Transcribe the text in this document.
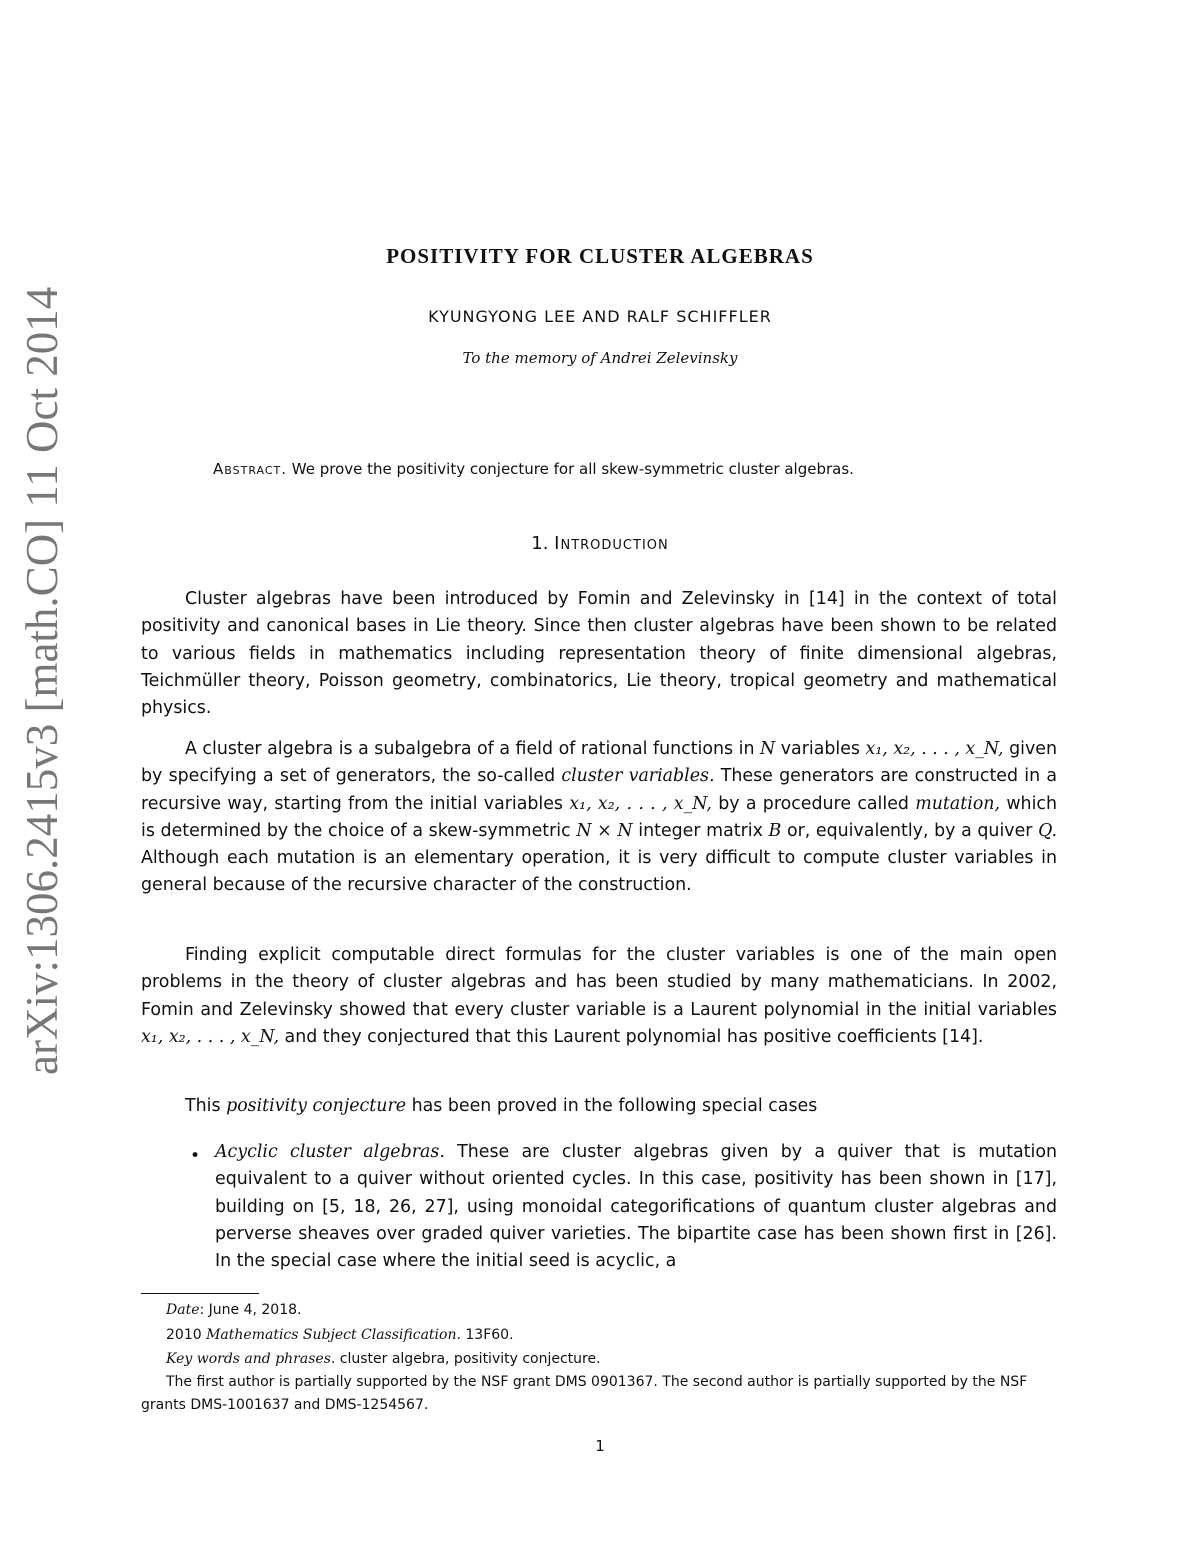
arXiv:1306.2415v3 [math.CO] 11 Oct 2014
POSITIVITY FOR CLUSTER ALGEBRAS
KYUNGYONG LEE AND RALF SCHIFFLER
To the memory of Andrei Zelevinsky
Abstract. We prove the positivity conjecture for all skew-symmetric cluster algebras.
1. Introduction

Cluster algebras have been introduced by Fomin and Zelevinsky in [14] in the context of total positivity and canonical bases in Lie theory. Since then cluster algebras have been shown to be related to various fields in mathematics including representation theory of finite dimensional algebras, Teichmüller theory, Poisson geometry, combinatorics, Lie theory, tropical geometry and mathematical physics.

A cluster algebra is a subalgebra of a field of rational functions in N variables x₁, x₂, . . . , x_N, given by specifying a set of generators, the so-called cluster variables. These generators are constructed in a recursive way, starting from the initial variables x₁, x₂, . . . , x_N, by a procedure called mutation, which is determined by the choice of a skew-symmetric N × N integer matrix B or, equivalently, by a quiver Q. Although each mutation is an elementary operation, it is very difficult to compute cluster variables in general because of the recursive character of the construction.

Finding explicit computable direct formulas for the cluster variables is one of the main open problems in the theory of cluster algebras and has been studied by many mathematicians. In 2002, Fomin and Zelevinsky showed that every cluster variable is a Laurent polynomial in the initial variables x₁, x₂, . . . , x_N, and they conjectured that this Laurent polynomial has positive coefficients [14].

This positivity conjecture has been proved in the following special cases

• Acyclic cluster algebras. These are cluster algebras given by a quiver that is mutation equivalent to a quiver without oriented cycles. In this case, positivity has been shown in [17], building on [5, 18, 26, 27], using monoidal categorifications of quantum cluster algebras and perverse sheaves over graded quiver varieties. The bipartite case has been shown first in [26]. In the special case where the initial seed is acyclic, a

Date: June 4, 2018.

2010 Mathematics Subject Classification. 13F60.

Key words and phrases. cluster algebra, positivity conjecture.

The first author is partially supported by the NSF grant DMS 0901367. The second author is partially supported by the NSF grants DMS-1001637 and DMS-1254567.

1
